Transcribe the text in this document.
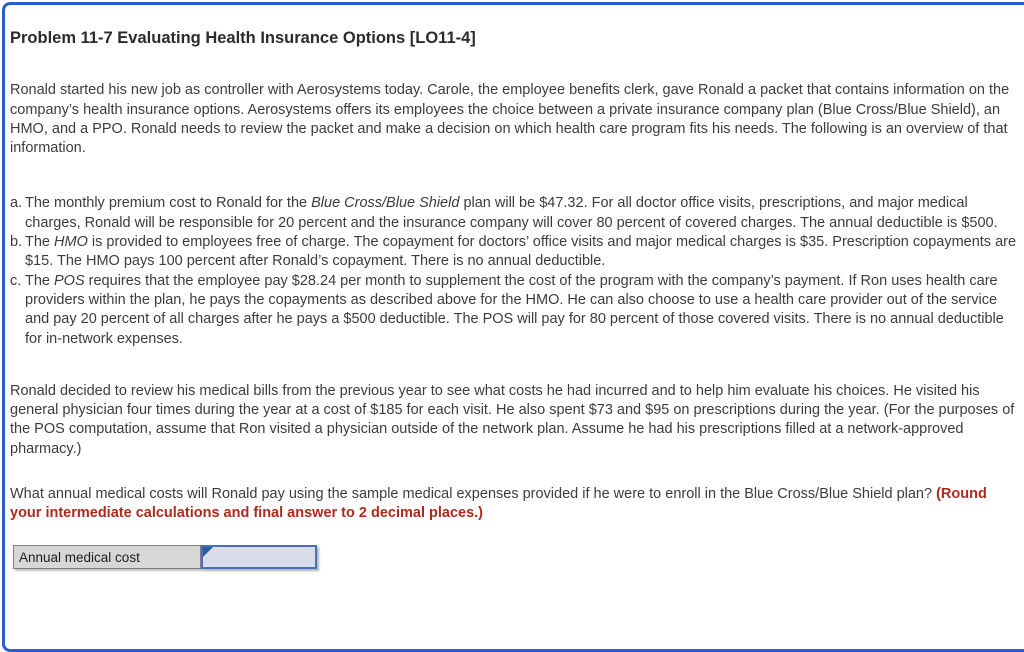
Problem 11-7 Evaluating Health Insurance Options [LO11-4]
Ronald started his new job as controller with Aerosystems today. Carole, the employee benefits clerk, gave Ronald a packet that contains information on the company’s health insurance options. Aerosystems offers its employees the choice between a private insurance company plan (Blue Cross/Blue Shield), an HMO, and a PPO. Ronald needs to review the packet and make a decision on which health care program fits his needs. The following is an overview of that information.
a. The monthly premium cost to Ronald for the Blue Cross/Blue Shield plan will be $47.32. For all doctor office visits, prescriptions, and major medical charges, Ronald will be responsible for 20 percent and the insurance company will cover 80 percent of covered charges. The annual deductible is $500.
b. The HMO is provided to employees free of charge. The copayment for doctors’ office visits and major medical charges is $35. Prescription copayments are $15. The HMO pays 100 percent after Ronald’s copayment. There is no annual deductible.
c. The POS requires that the employee pay $28.24 per month to supplement the cost of the program with the company’s payment. If Ron uses health care providers within the plan, he pays the copayments as described above for the HMO. He can also choose to use a health care provider out of the service and pay 20 percent of all charges after he pays a $500 deductible. The POS will pay for 80 percent of those covered visits. There is no annual deductible for in-network expenses.
Ronald decided to review his medical bills from the previous year to see what costs he had incurred and to help him evaluate his choices. He visited his general physician four times during the year at a cost of $185 for each visit. He also spent $73 and $95 on prescriptions during the year. (For the purposes of the POS computation, assume that Ron visited a physician outside of the network plan. Assume he had his prescriptions filled at a network-approved pharmacy.)
What annual medical costs will Ronald pay using the sample medical expenses provided if he were to enroll in the Blue Cross/Blue Shield plan? (Round your intermediate calculations and final answer to 2 decimal places.)
Annual medical cost
